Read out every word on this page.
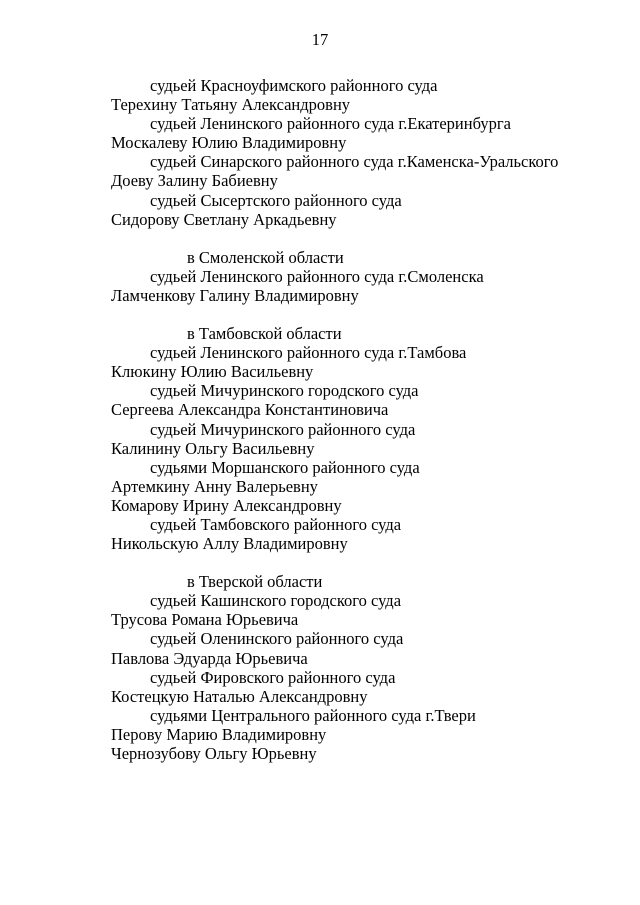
17
судьей Красноуфимского районного суда
Терехину Татьяну Александровну
судьей Ленинского районного суда г.Екатеринбурга
Москалеву Юлию Владимировну
судьей Синарского районного суда г.Каменска-Уральского
Доеву Залину Бабиевну
судьей Сысертского районного суда
Сидорову Светлану Аркадьевну
в Смоленской области
судьей Ленинского районного суда г.Смоленска
Ламченкову Галину Владимировну
в Тамбовской области
судьей Ленинского районного суда г.Тамбова
Клюкину Юлию Васильевну
судьей Мичуринского городского суда
Сергеева Александра Константиновича
судьей Мичуринского районного суда
Калинину Ольгу Васильевну
судьями Моршанского районного суда
Артемкину Анну Валерьевну
Комарову Ирину Александровну
судьей Тамбовского районного суда
Никольскую Аллу Владимировну
в Тверской области
судьей Кашинского городского суда
Трусова Романа Юрьевича
судьей Оленинского районного суда
Павлова Эдуарда Юрьевича
судьей Фировского районного суда
Костецкую Наталью Александровну
судьями Центрального районного суда г.Твери
Перову Марию Владимировну
Чернозубову Ольгу Юрьевну
